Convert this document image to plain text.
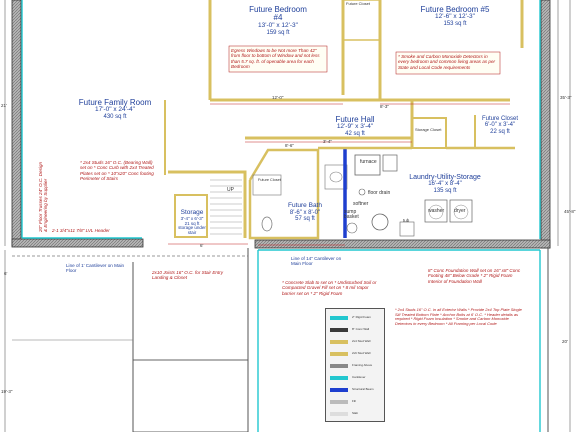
Future Bedroom
#4
13'-0" x 12'-3"
159 sq ft
Future Bedroom #5
12'-6" x 12'-3"
153 sq ft
Future Family Room
17'-0" x 24'-4"
430 sq ft	Future Hall
12'-9" x 3'-4"
42 sq ft
Future Closet
6'-0" x 3'-4"
22 sq ft
Laundry-Utility-Storage
16'-4" x 8'-4"
135 sq ft
Future Bath
8'-6" x 8'-0"
57 sq ft
Storage
3'-4" x 6'-3"
21 sq ft
storage under stair
Future Closet
Storage Closet
Future Closet
furnace
floor drain
softner
sump basket
tub
washer dryer
UP
Egress Windows to be Not more Than 42" from floor to bottom of Window and not less than 5.7 sq. ft. of openable area for each Bedroom
* Smoke and Carbon Monoxide Detectors in every bedroom and common living areas as per State and Local Code requirements
* 2x4 Studs 16" O.C. (Bearing Wall) set on * Conc Curb with 2x4 Treated Plates set on * 10"x20" Conc footing Perimeter of Stairs
20" Floor Trusses 24" O.C. Design & Engineering by Supplier 2-1 3/4"x11 7/8" LVL Header
Line of 1' Cantilever on Main Floor	2x10 Joists 16" O.C. for Stair Entry Landing & Closet
Line of 14" Cantilever on Main Floor
* Concrete Slab to set on * Undisturbed Soil or Compacted Gravel Fill set on * 8 mil Vapor barrier set on * 2" Rigid Foam
8" Conc Foundation Wall set on 16" x8" Conc Footing 48" Below Grade * 2" Rigid Foam Interior of Foundation Wall
* 2x4 Studs 16" O.C. in all Exterior Walls * Provide 2x4 Top Plate Single Sill Treated Bottom Plate * Anchor Bolts at 6' O.C. * Header details as required * Rigid Foam Insulation * Smoke and Carbon Monoxide Detectors in every Bedroom * All Framing per Local Code
21'
35'-3"
45'-8"
19'-3"
20'
12'-0"
3'-4"
8'-6"
6'
8'-3"
6'
2" Rigid Foam
8" Conc Wall
2x4 Stud Wall
2x6 Stud Wall
Framing Above
Cantilever
Structural Beam
Fill
Slab
